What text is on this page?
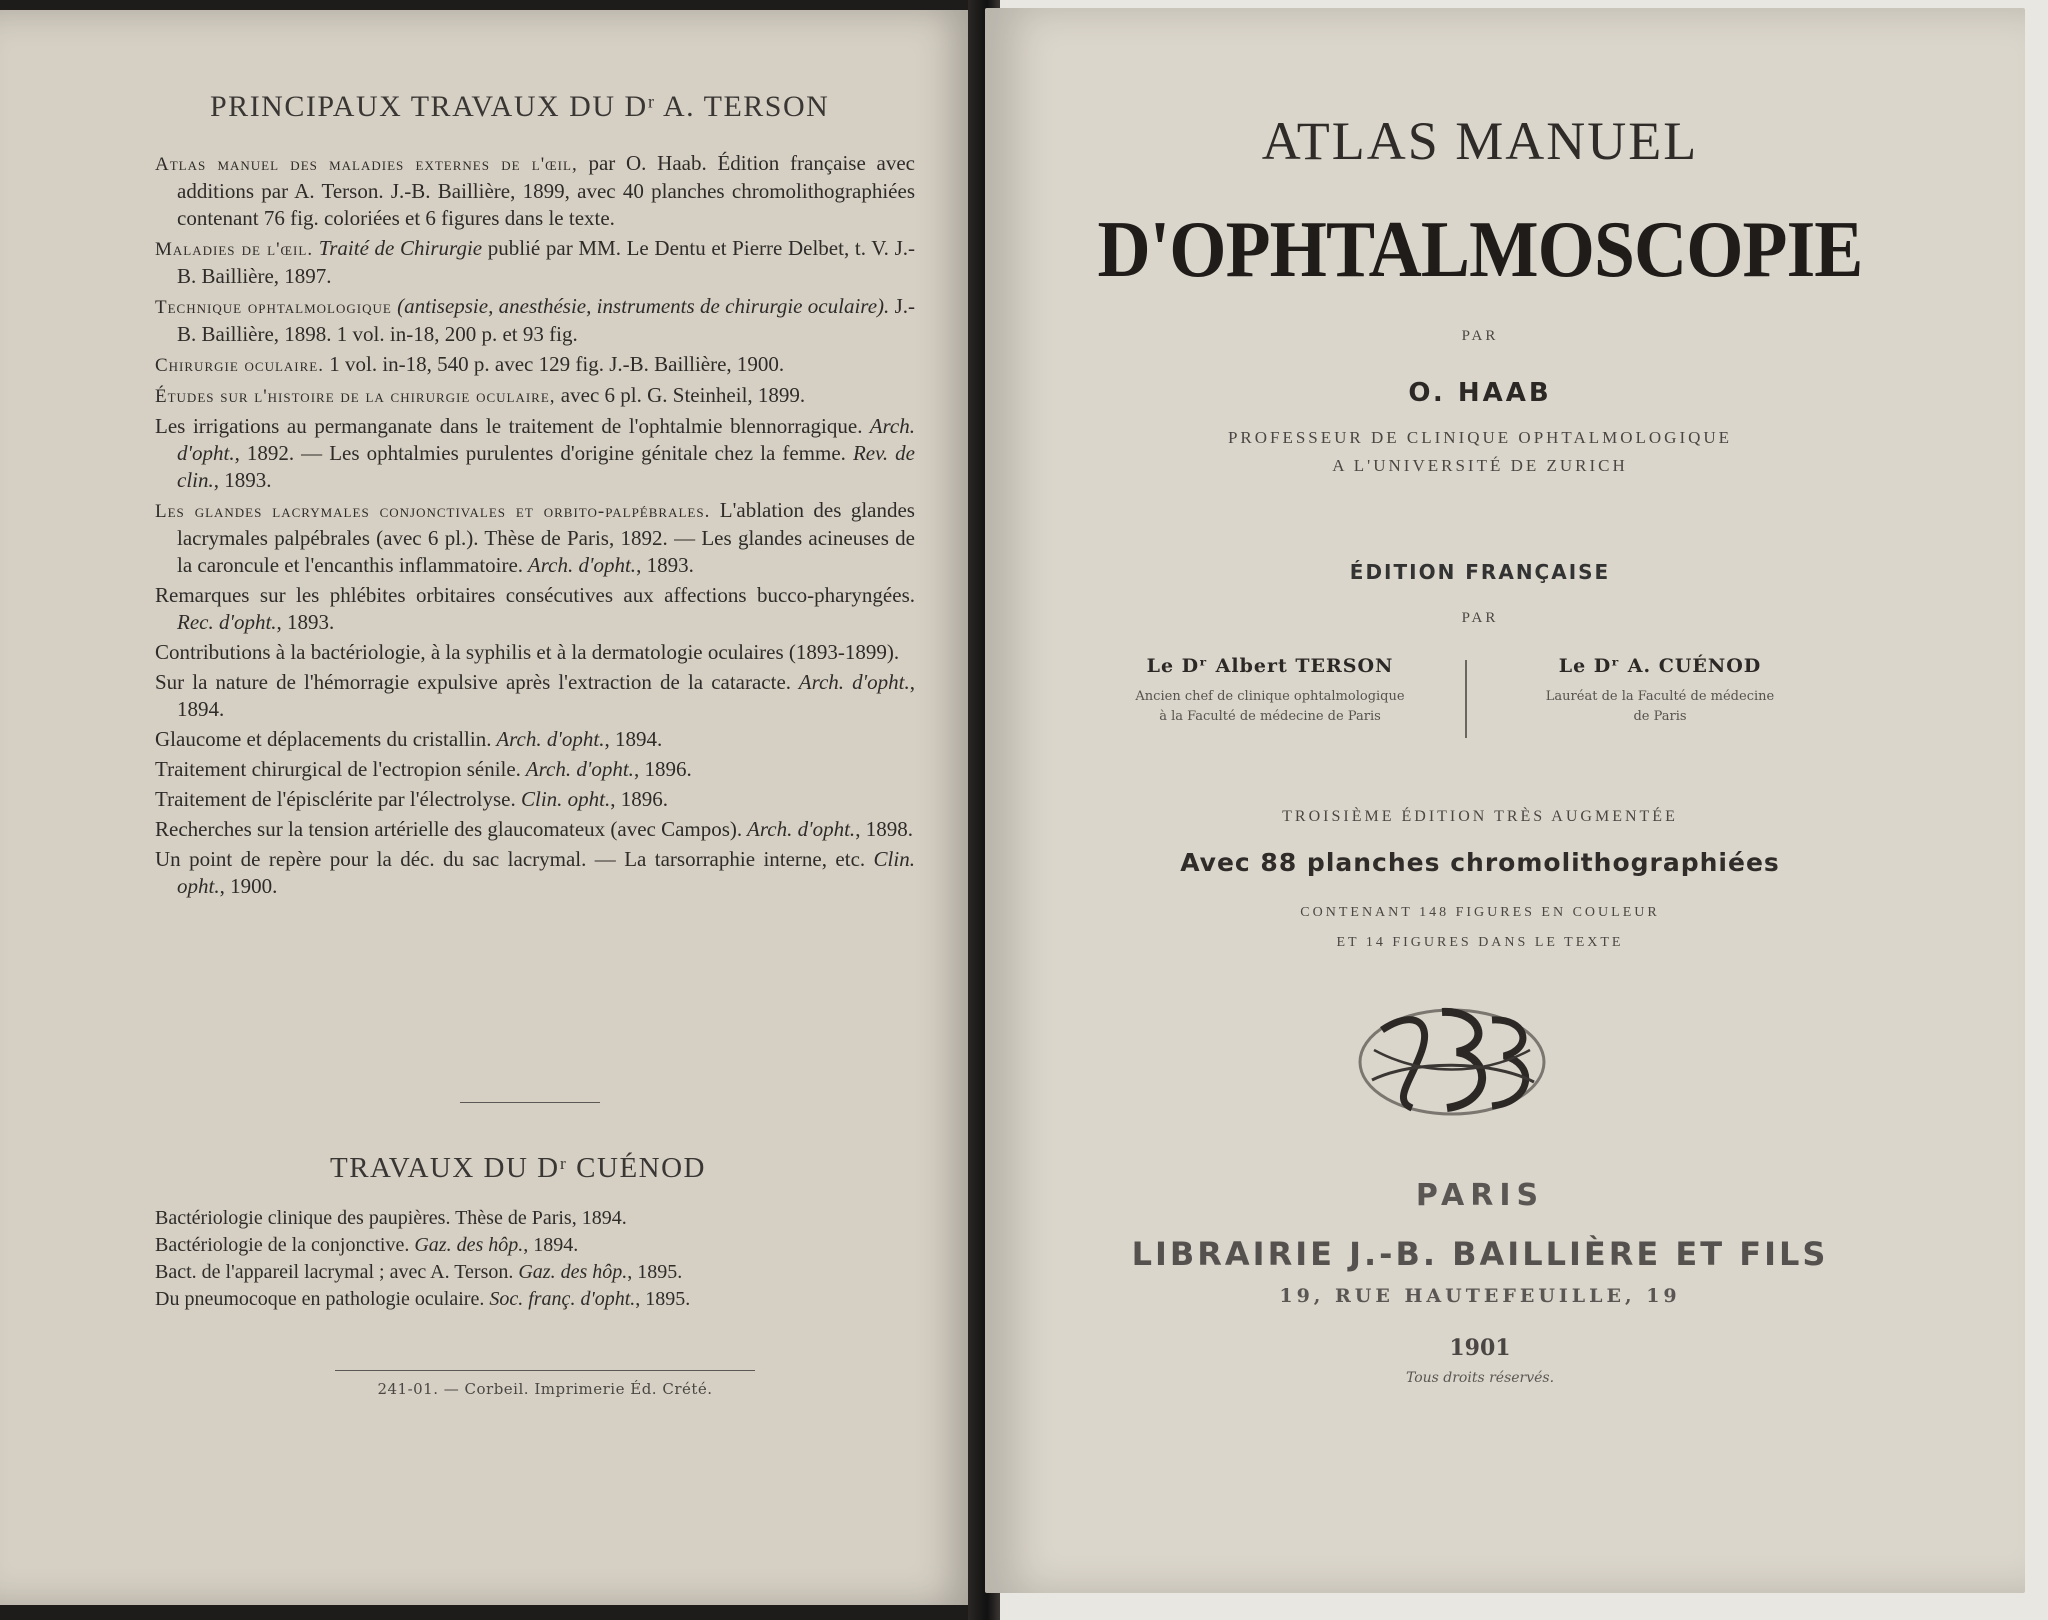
PRINCIPAUX TRAVAUX DU Dʳ A. TERSON

Atlas manuel des maladies externes de l'œil, par O. Haab. Édition française avec additions par A. Terson. J.-B. Baillière, 1899, avec 40 planches chromolithographiées contenant 76 fig. coloriées et 6 figures dans le texte.

Maladies de l'œil. Traité de Chirurgie publié par MM. Le Dentu et Pierre Delbet, t. V. J.-B. Baillière, 1897.

Technique ophtalmologique (antisepsie, anesthésie, instruments de chirurgie oculaire). J.-B. Baillière, 1898. 1 vol. in-18, 200 p. et 93 fig.

Chirurgie oculaire. 1 vol. in-18, 540 p. avec 129 fig. J.-B. Baillière, 1900.

Études sur l'histoire de la chirurgie oculaire, avec 6 pl. G. Steinheil, 1899.

Les irrigations au permanganate dans le traitement de l'ophtalmie blennorragique. Arch. d'opht., 1892. — Les ophtalmies purulentes d'origine génitale chez la femme. Rev. de clin., 1893.

Les glandes lacrymales conjonctivales et orbito-palpébrales. L'ablation des glandes lacrymales palpébrales (avec 6 pl.). Thèse de Paris, 1892. — Les glandes acineuses de la caroncule et l'encanthis inflammatoire. Arch. d'opht., 1893.

Remarques sur les phlébites orbitaires consécutives aux affections bucco-pharyngées. Rec. d'opht., 1893.

Contributions à la bactériologie, à la syphilis et à la dermatologie oculaires (1893-1899).

Sur la nature de l'hémorragie expulsive après l'extraction de la cataracte. Arch. d'opht., 1894.

Glaucome et déplacements du cristallin. Arch. d'opht., 1894.

Traitement chirurgical de l'ectropion sénile. Arch. d'opht., 1896.

Traitement de l'épisclérite par l'électrolyse. Clin. opht., 1896.

Recherches sur la tension artérielle des glaucomateux (avec Campos). Arch. d'opht., 1898.

Un point de repère pour la déc. du sac lacrymal. — La tarsorraphie interne, etc. Clin. opht., 1900.

TRAVAUX DU Dʳ CUÉNOD

Bactériologie clinique des paupières. Thèse de Paris, 1894.

Bactériologie de la conjonctive. Gaz. des hôp., 1894.

Bact. de l'appareil lacrymal ; avec A. Terson. Gaz. des hôp., 1895.

Du pneumocoque en pathologie oculaire. Soc. franç. d'opht., 1895.

241-01. — Corbeil. Imprimerie Éd. Crété.
ATLAS MANUEL
D'OPHTALMOSCOPIE
PAR
O. HAAB
PROFESSEUR DE CLINIQUE OPHTALMOLOGIQUE
A L'UNIVERSITÉ DE ZURICH
ÉDITION FRANÇAISE
PAR
Le Dʳ Albert TERSON
Ancien chef de clinique ophtalmologique
à la Faculté de médecine de Paris
Le Dʳ A. CUÉNOD
Lauréat de la Faculté de médecine
de Paris
TROISIÈME ÉDITION TRÈS AUGMENTÉE
Avec 88 planches chromolithographiées
CONTENANT 148 FIGURES EN COULEUR
ET 14 FIGURES DANS LE TEXTE
PARIS
LIBRAIRIE J.-B. BAILLIÈRE ET FILS
19, RUE HAUTEFEUILLE, 19
1901
Tous droits réservés.
